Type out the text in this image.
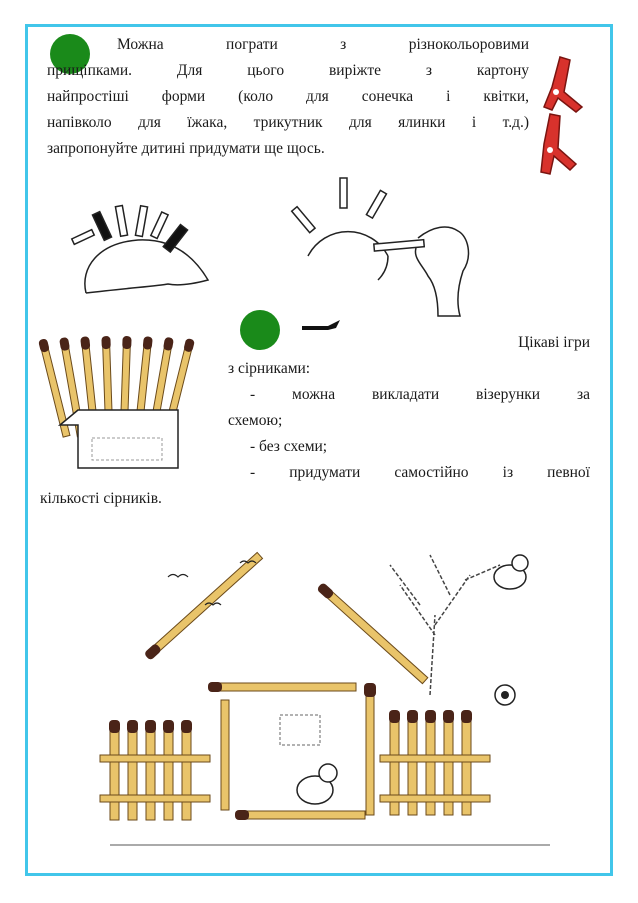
Можна пограти з різнокольоровими
прищіпками. Для цього виріжте з картону
найпростіші форми (коло для сонечка і квітки,
напівколо для їжака, трикутник для ялинки і т.д.)
запропонуйте дитині придумати ще щось.
Цікаві ігри
з сірниками:
- можна викладати візерунки за
схемою;
- без схеми;
- придумати самостійно із певної
кількості сірників.
